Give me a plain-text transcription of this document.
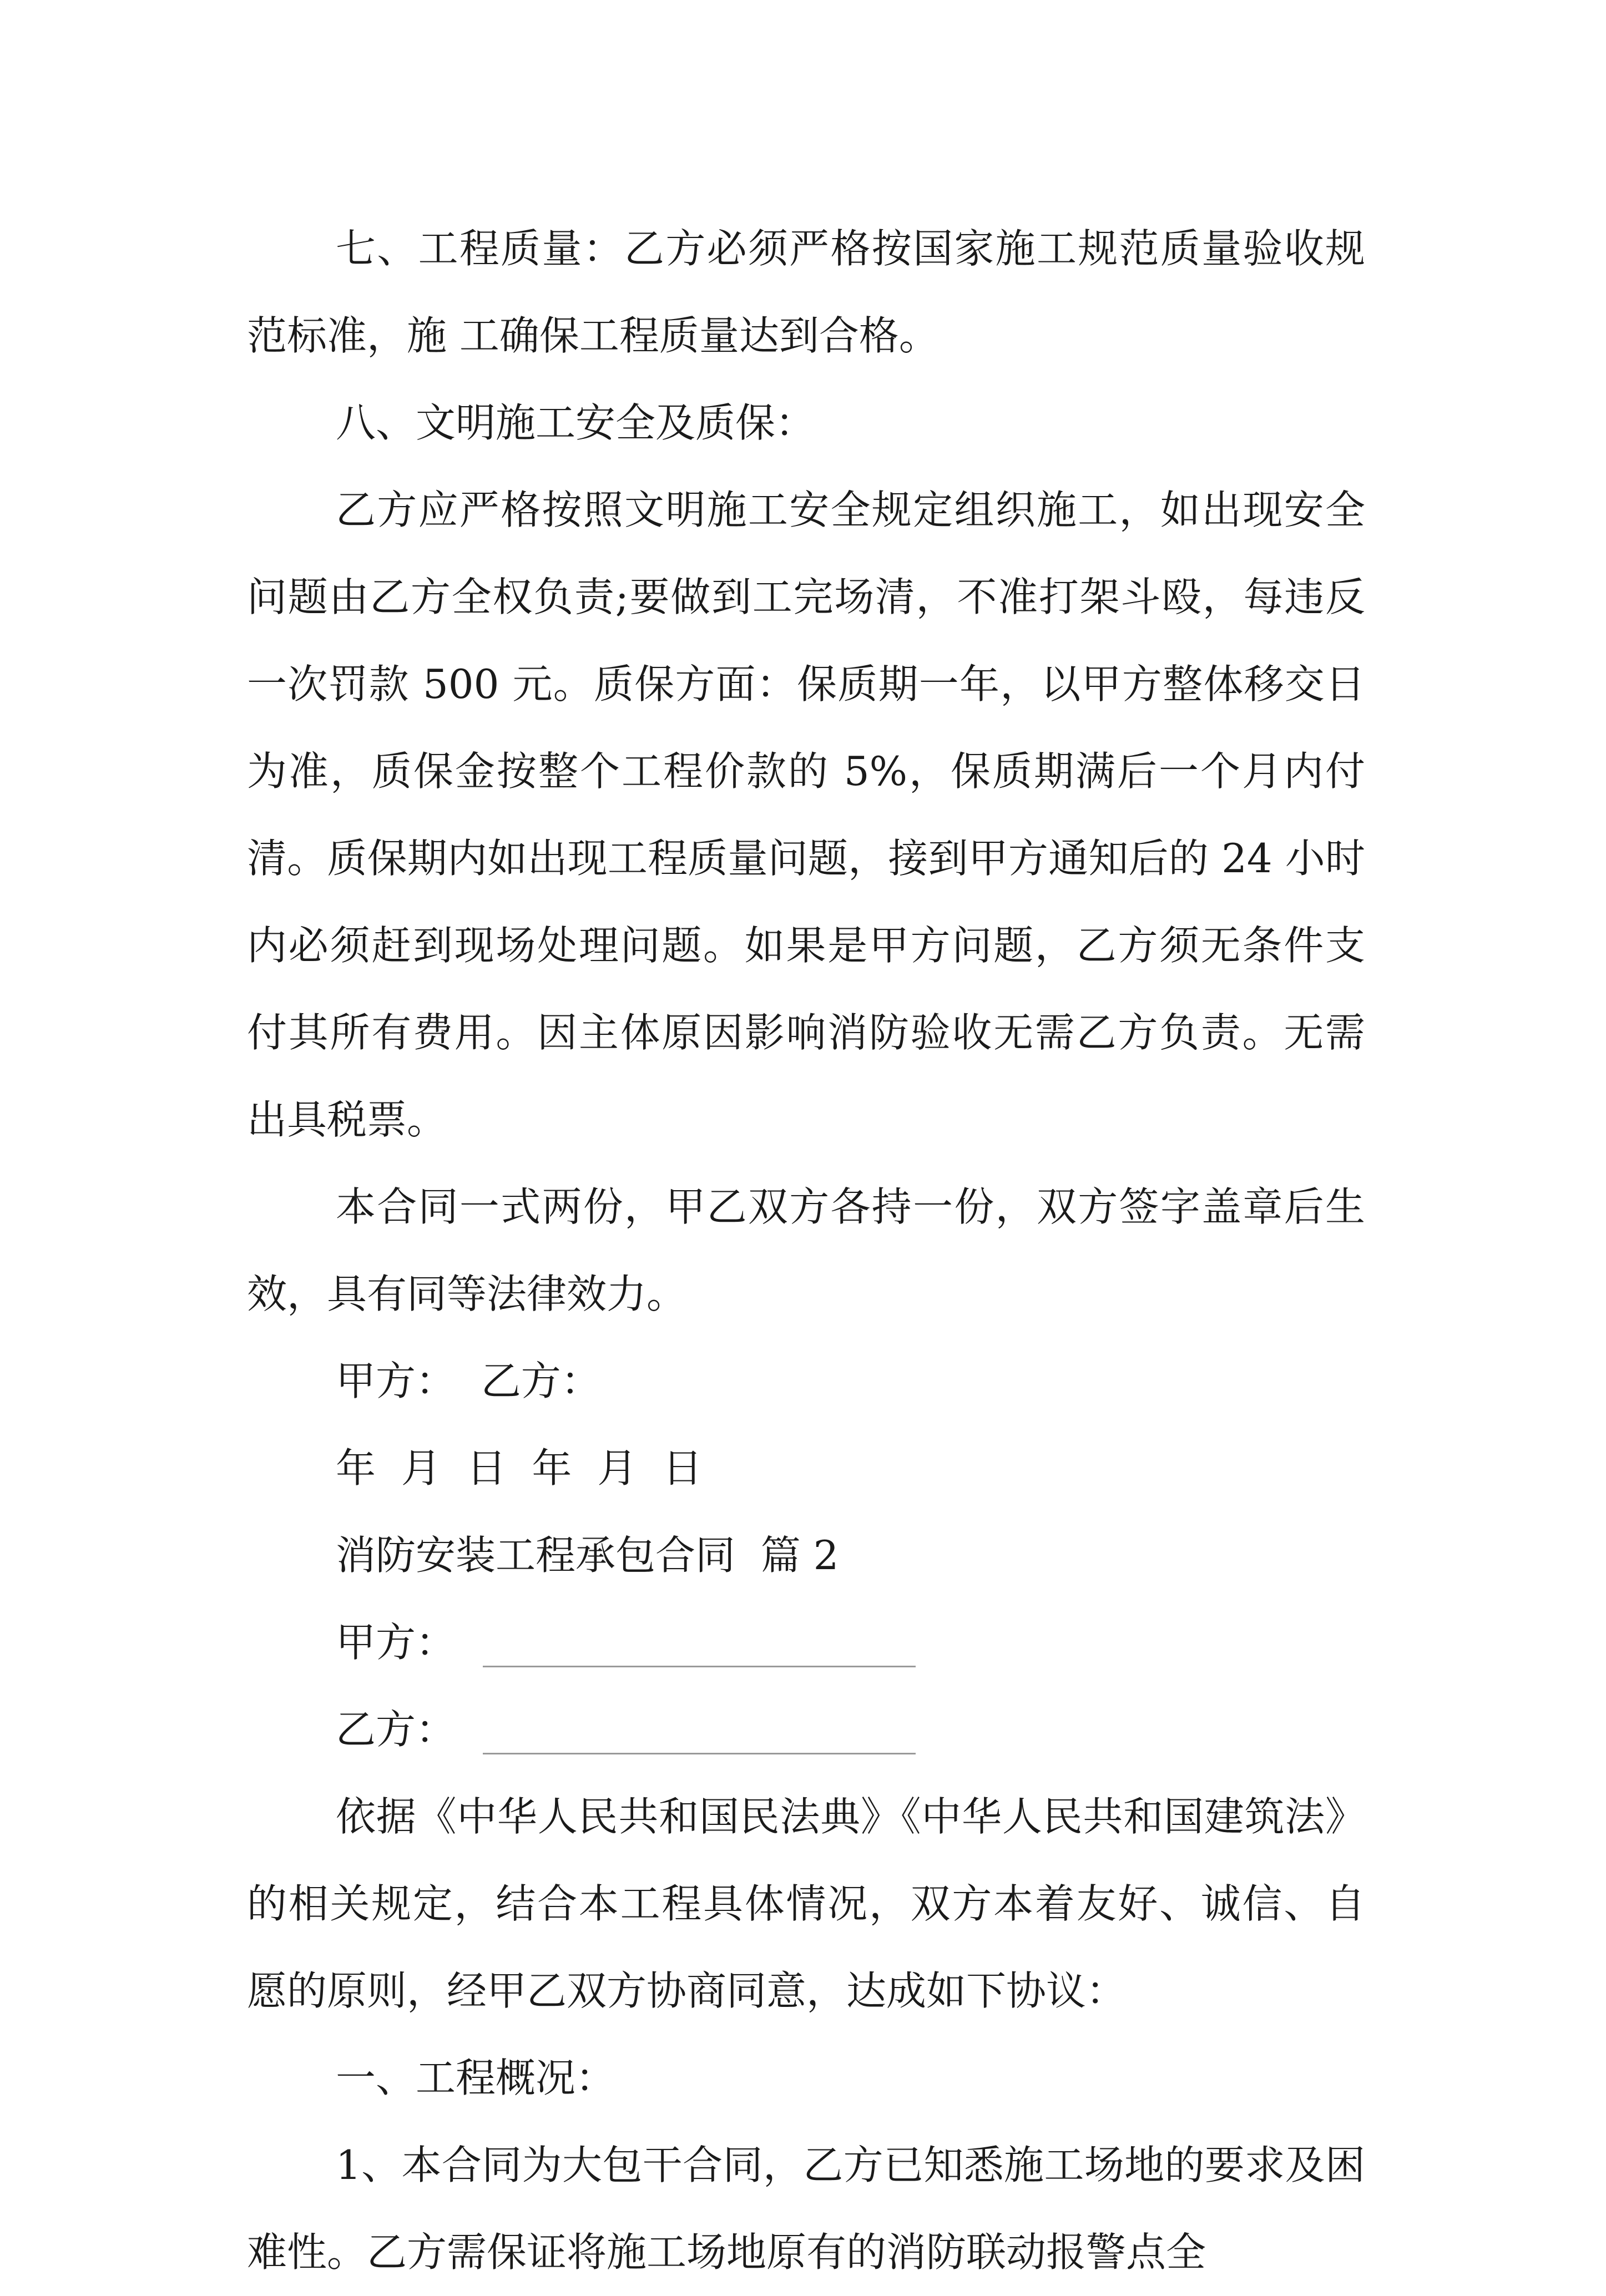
七、工程质量：乙方必须严格按国家施工规范质量验收规范标准，施 工确保工程质量达到合格。

八、文明施工安全及质保：

乙方应严格按照文明施工安全规定组织施工，如出现安全问题由乙方全权负责;要做到工完场清，不准打架斗殴，每违反一次罚款 500 元。质保方面：保质期一年，以甲方整体移交日为准，质保金按整个工程价款的 5%，保质期满后一个月内付清。质保期内如出现工程质量问题，接到甲方通知后的 24 小时内必须赶到现场处理问题。如果是甲方问题，乙方须无条件支付其所有费用。因主体原因影响消防验收无需乙方负责。无需出具税票。

本合同一式两份，甲乙双方各持一份，双方签字盖章后生效，具有同等法律效力。

甲方：  乙方：

年  月  日  年  月  日

消防安装工程承包合同  篇 2

甲方：
乙方：

依据《中华人民共和国民法典》《中华人民共和国建筑法》的相关规定，结合本工程具体情况，双方本着友好、诚信、自愿的原则，经甲乙双方协商同意，达成如下协议：

一、工程概况：

1、本合同为大包干合同，乙方已知悉施工场地的要求及困难性。乙方需保证将施工场地原有的消防联动报警点全
